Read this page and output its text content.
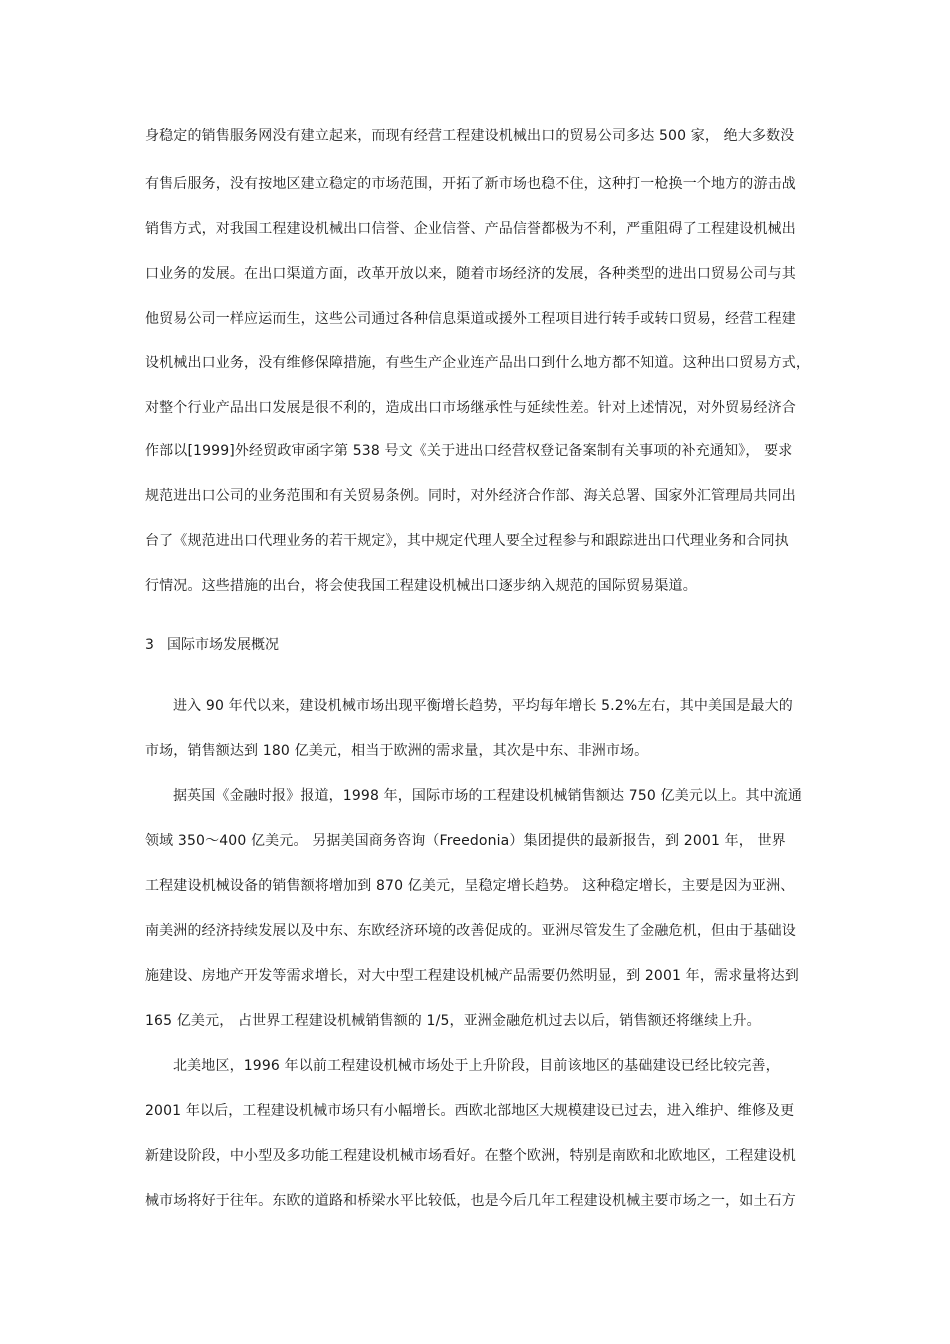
身稳定的销售服务网没有建立起来，而现有经营工程建设机械出口的贸易公司多达 500 家， 绝大多数没
有售后服务，没有按地区建立稳定的市场范围，开拓了新市场也稳不住，这种打一枪换一个地方的游击战
销售方式，对我国工程建设机械出口信誉、企业信誉、产品信誉都极为不利，严重阻碍了工程建设机械出
口业务的发展。在出口渠道方面，改革开放以来，随着市场经济的发展，各种类型的进出口贸易公司与其
他贸易公司一样应运而生，这些公司通过各种信息渠道或援外工程项目进行转手或转口贸易，经营工程建
设机械出口业务，没有维修保障措施，有些生产企业连产品出口到什么地方都不知道。这种出口贸易方式，
对整个行业产品出口发展是很不利的，造成出口市场继承性与延续性差。针对上述情况，对外贸易经济合
作部以[1999]外经贸政审函字第 538 号文《关于进出口经营权登记备案制有关事项的补充通知》， 要求
规范进出口公司的业务范围和有关贸易条例。同时，对外经济合作部、海关总署、国家外汇管理局共同出
台了《规范进出口代理业务的若干规定》，其中规定代理人要全过程参与和跟踪进出口代理业务和合同执
行情况。这些措施的出台，将会使我国工程建设机械出口逐步纳入规范的国际贸易渠道。
3 国际市场发展概况
进入 90 年代以来，建设机械市场出现平衡增长趋势，平均每年增长 5.2%左右，其中美国是最大的
市场，销售额达到 180 亿美元，相当于欧洲的需求量，其次是中东、非洲市场。
据英国《金融时报》报道，1998 年，国际市场的工程建设机械销售额达 750 亿美元以上。其中流通
领域 350～400 亿美元。 另据美国商务咨询（Freedonia）集团提供的最新报告，到 2001 年， 世界
工程建设机械设备的销售额将增加到 870 亿美元，呈稳定增长趋势。 这种稳定增长，主要是因为亚洲、
南美洲的经济持续发展以及中东、东欧经济环境的改善促成的。亚洲尽管发生了金融危机，但由于基础设
施建设、房地产开发等需求增长，对大中型工程建设机械产品需要仍然明显，到 2001 年，需求量将达到
165 亿美元， 占世界工程建设机械销售额的 1/5，亚洲金融危机过去以后，销售额还将继续上升。
北美地区，1996 年以前工程建设机械市场处于上升阶段，目前该地区的基础建设已经比较完善，
2001 年以后，工程建设机械市场只有小幅增长。西欧北部地区大规模建设已过去，进入维护、维修及更
新建设阶段，中小型及多功能工程建设机械市场看好。在整个欧洲，特别是南欧和北欧地区，工程建设机
械市场将好于往年。东欧的道路和桥梁水平比较低，也是今后几年工程建设机械主要市场之一，如土石方
